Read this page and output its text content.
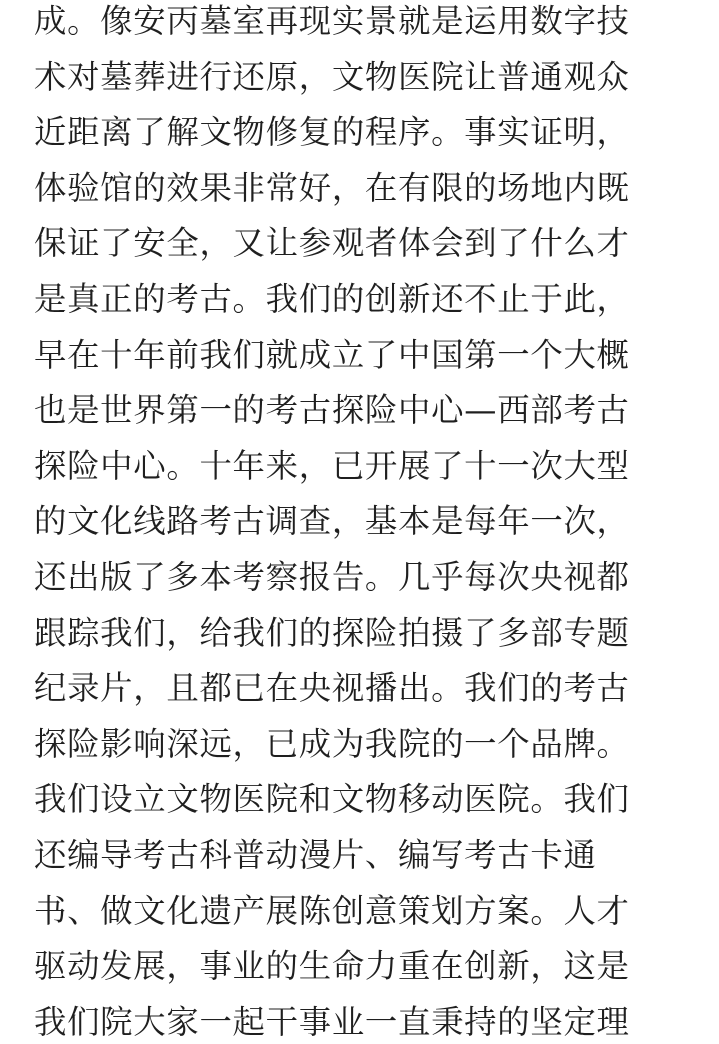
成。像安丙墓室再现实景就是运用数字技
术对墓葬进行还原，文物医院让普通观众
近距离了解文物修复的程序。事实证明，
体验馆的效果非常好，在有限的场地内既
保证了安全，又让参观者体会到了什么才
是真正的考古。我们的创新还不止于此，
早在十年前我们就成立了中国第一个大概
也是世界第一的考古探险中心—西部考古
探险中心。十年来，已开展了十一次大型
的文化线路考古调查，基本是每年一次，
还出版了多本考察报告。几乎每次央视都
跟踪我们，给我们的探险拍摄了多部专题
纪录片，且都已在央视播出。我们的考古
探险影响深远，已成为我院的一个品牌。
我们设立文物医院和文物移动医院。我们
还编导考古科普动漫片、编写考古卡通
书、做文化遗产展陈创意策划方案。人才
驱动发展，事业的生命力重在创新，这是
我们院大家一起干事业一直秉持的坚定理
